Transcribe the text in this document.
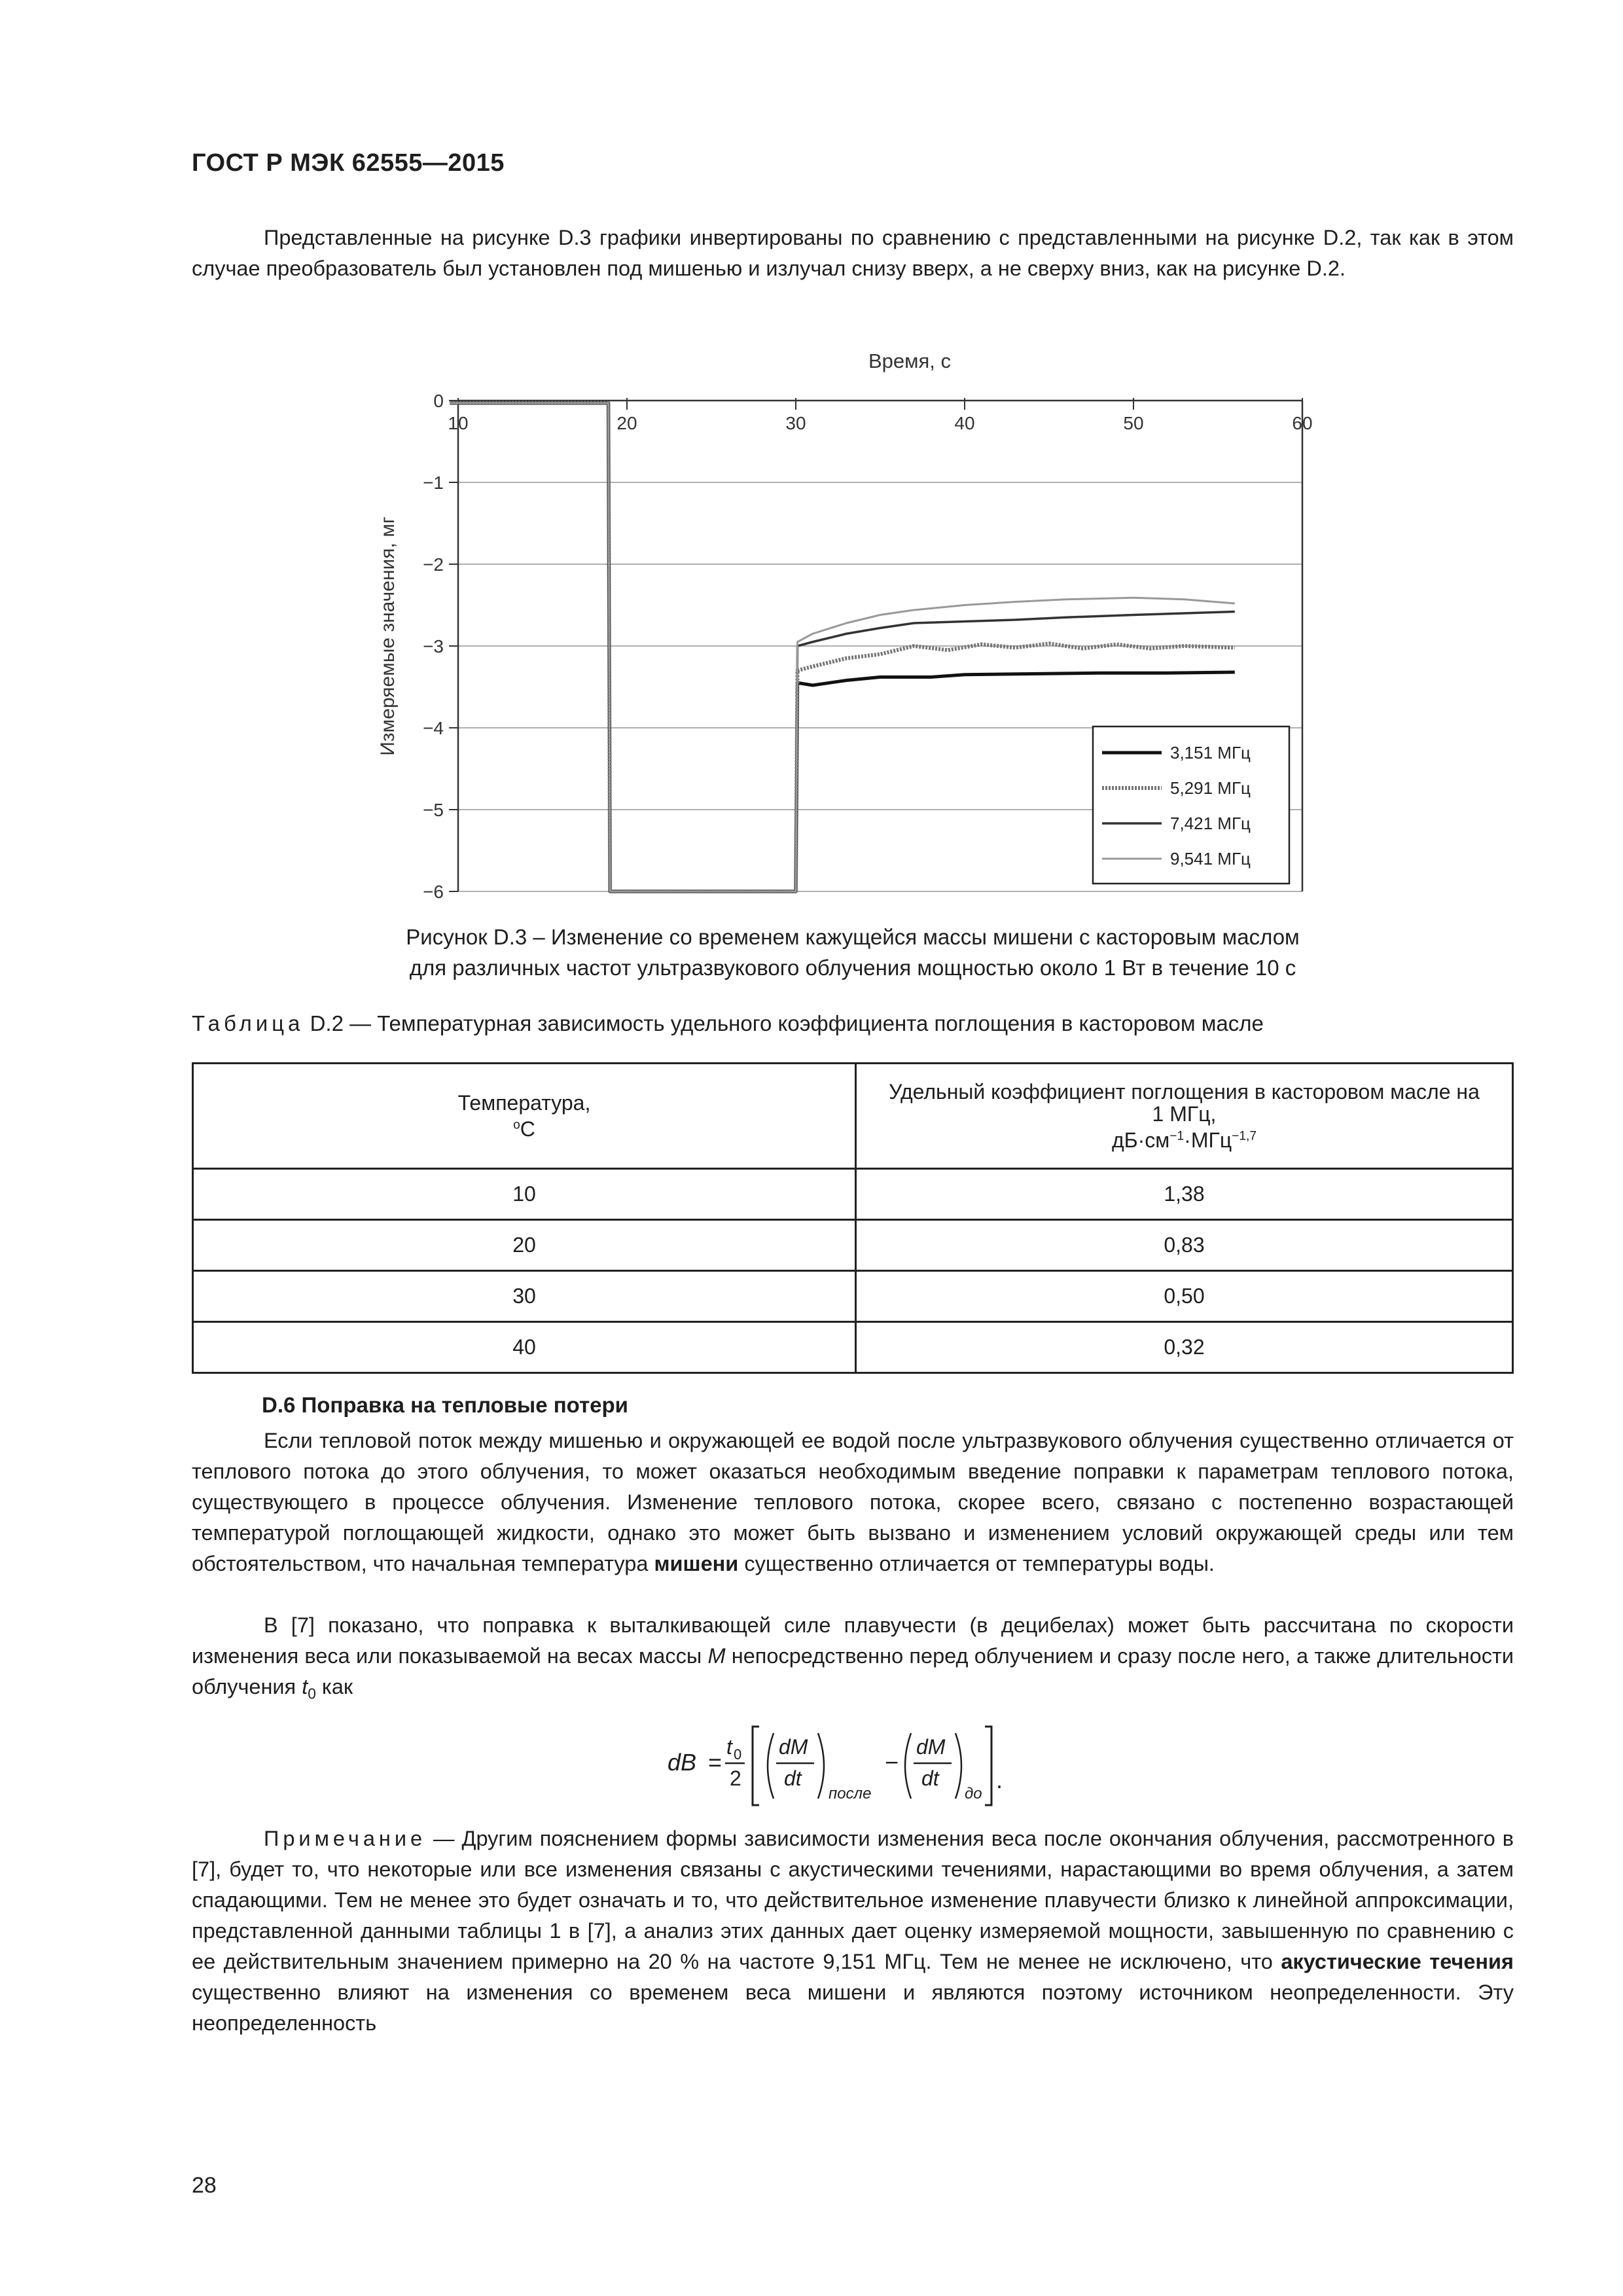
ГОСТ Р МЭК 62555—2015

Представленные на рисунке D.3 графики инвертированы по сравнению с представленными на рисунке D.2, так как в этом случае преобразователь был установлен под мишенью и излучал снизу вверх, а не сверху вниз, как на рисунке D.2.

Время, с
Измеряемые значения, мг
0
−1
−2
−3
−4
−5
−6
10	20	30	40	50	60
3,151 МГц
5,291 МГц
7,421 МГц
9,541 МГц
Рисунок D.3 – Изменение со временем кажущейся массы мишени с касторовым маслом
для различных частот ультразвукового облучения мощностью около 1 Вт в течение 10 с
Таблица D.2 — Температурная зависимость удельного коэффициента поглощения в касторовом масле
Температура,
$^o$C	Удельный коэффициент поглощения в касторовом масле на
1 МГц,
$дБ\cdot см^{-1}\cdot МГц^{-1,7}$
10	1,38
20	0,83
30	0,50
40	0,32
D.6 Поправка на тепловые потери

Если тепловой поток между мишенью и окружающей ее водой после ультразвукового облучения существенно отличается от теплового потока до этого облучения, то может оказаться необходимым введение поправки к параметрам теплового потока, существующего в процессе облучения. Изменение теплового потока, скорее всего, связано с постепенно возрастающей температурой поглощающей жидкости, однако это может быть вызвано и изменением условий окружающей среды или тем обстоятельством, что начальная температура мишени существенно отличается от температуры воды.

В [7] показано, что поправка к выталкивающей силе плавучести (в децибелах) может быть рассчитана по скорости изменения веса или показываемой на весах массы M непосредственно перед облучением и сразу после него, а также длительности облучения $t_0$ как

dB =
t 0
2
dM
dt
после
−
dM
dt
до
.

Примечание — Другим пояснением формы зависимости изменения веса после окончания облучения, рассмотренного в [7], будет то, что некоторые или все изменения связаны с акустическими течениями, нарастающими во время облучения, а затем спадающими. Тем не менее это будет означать и то, что действительное изменение плавучести близко к линейной аппроксимации, представленной данными таблицы 1 в [7], а анализ этих данных дает оценку измеряемой мощности, завышенную по сравнению с ее действительным значением примерно на 20 % на частоте 9,151 МГц. Тем не менее не исключено, что акустические течения существенно влияют на изменения со временем веса мишени и являются поэтому источником неопределенности. Эту неопределенность

28
